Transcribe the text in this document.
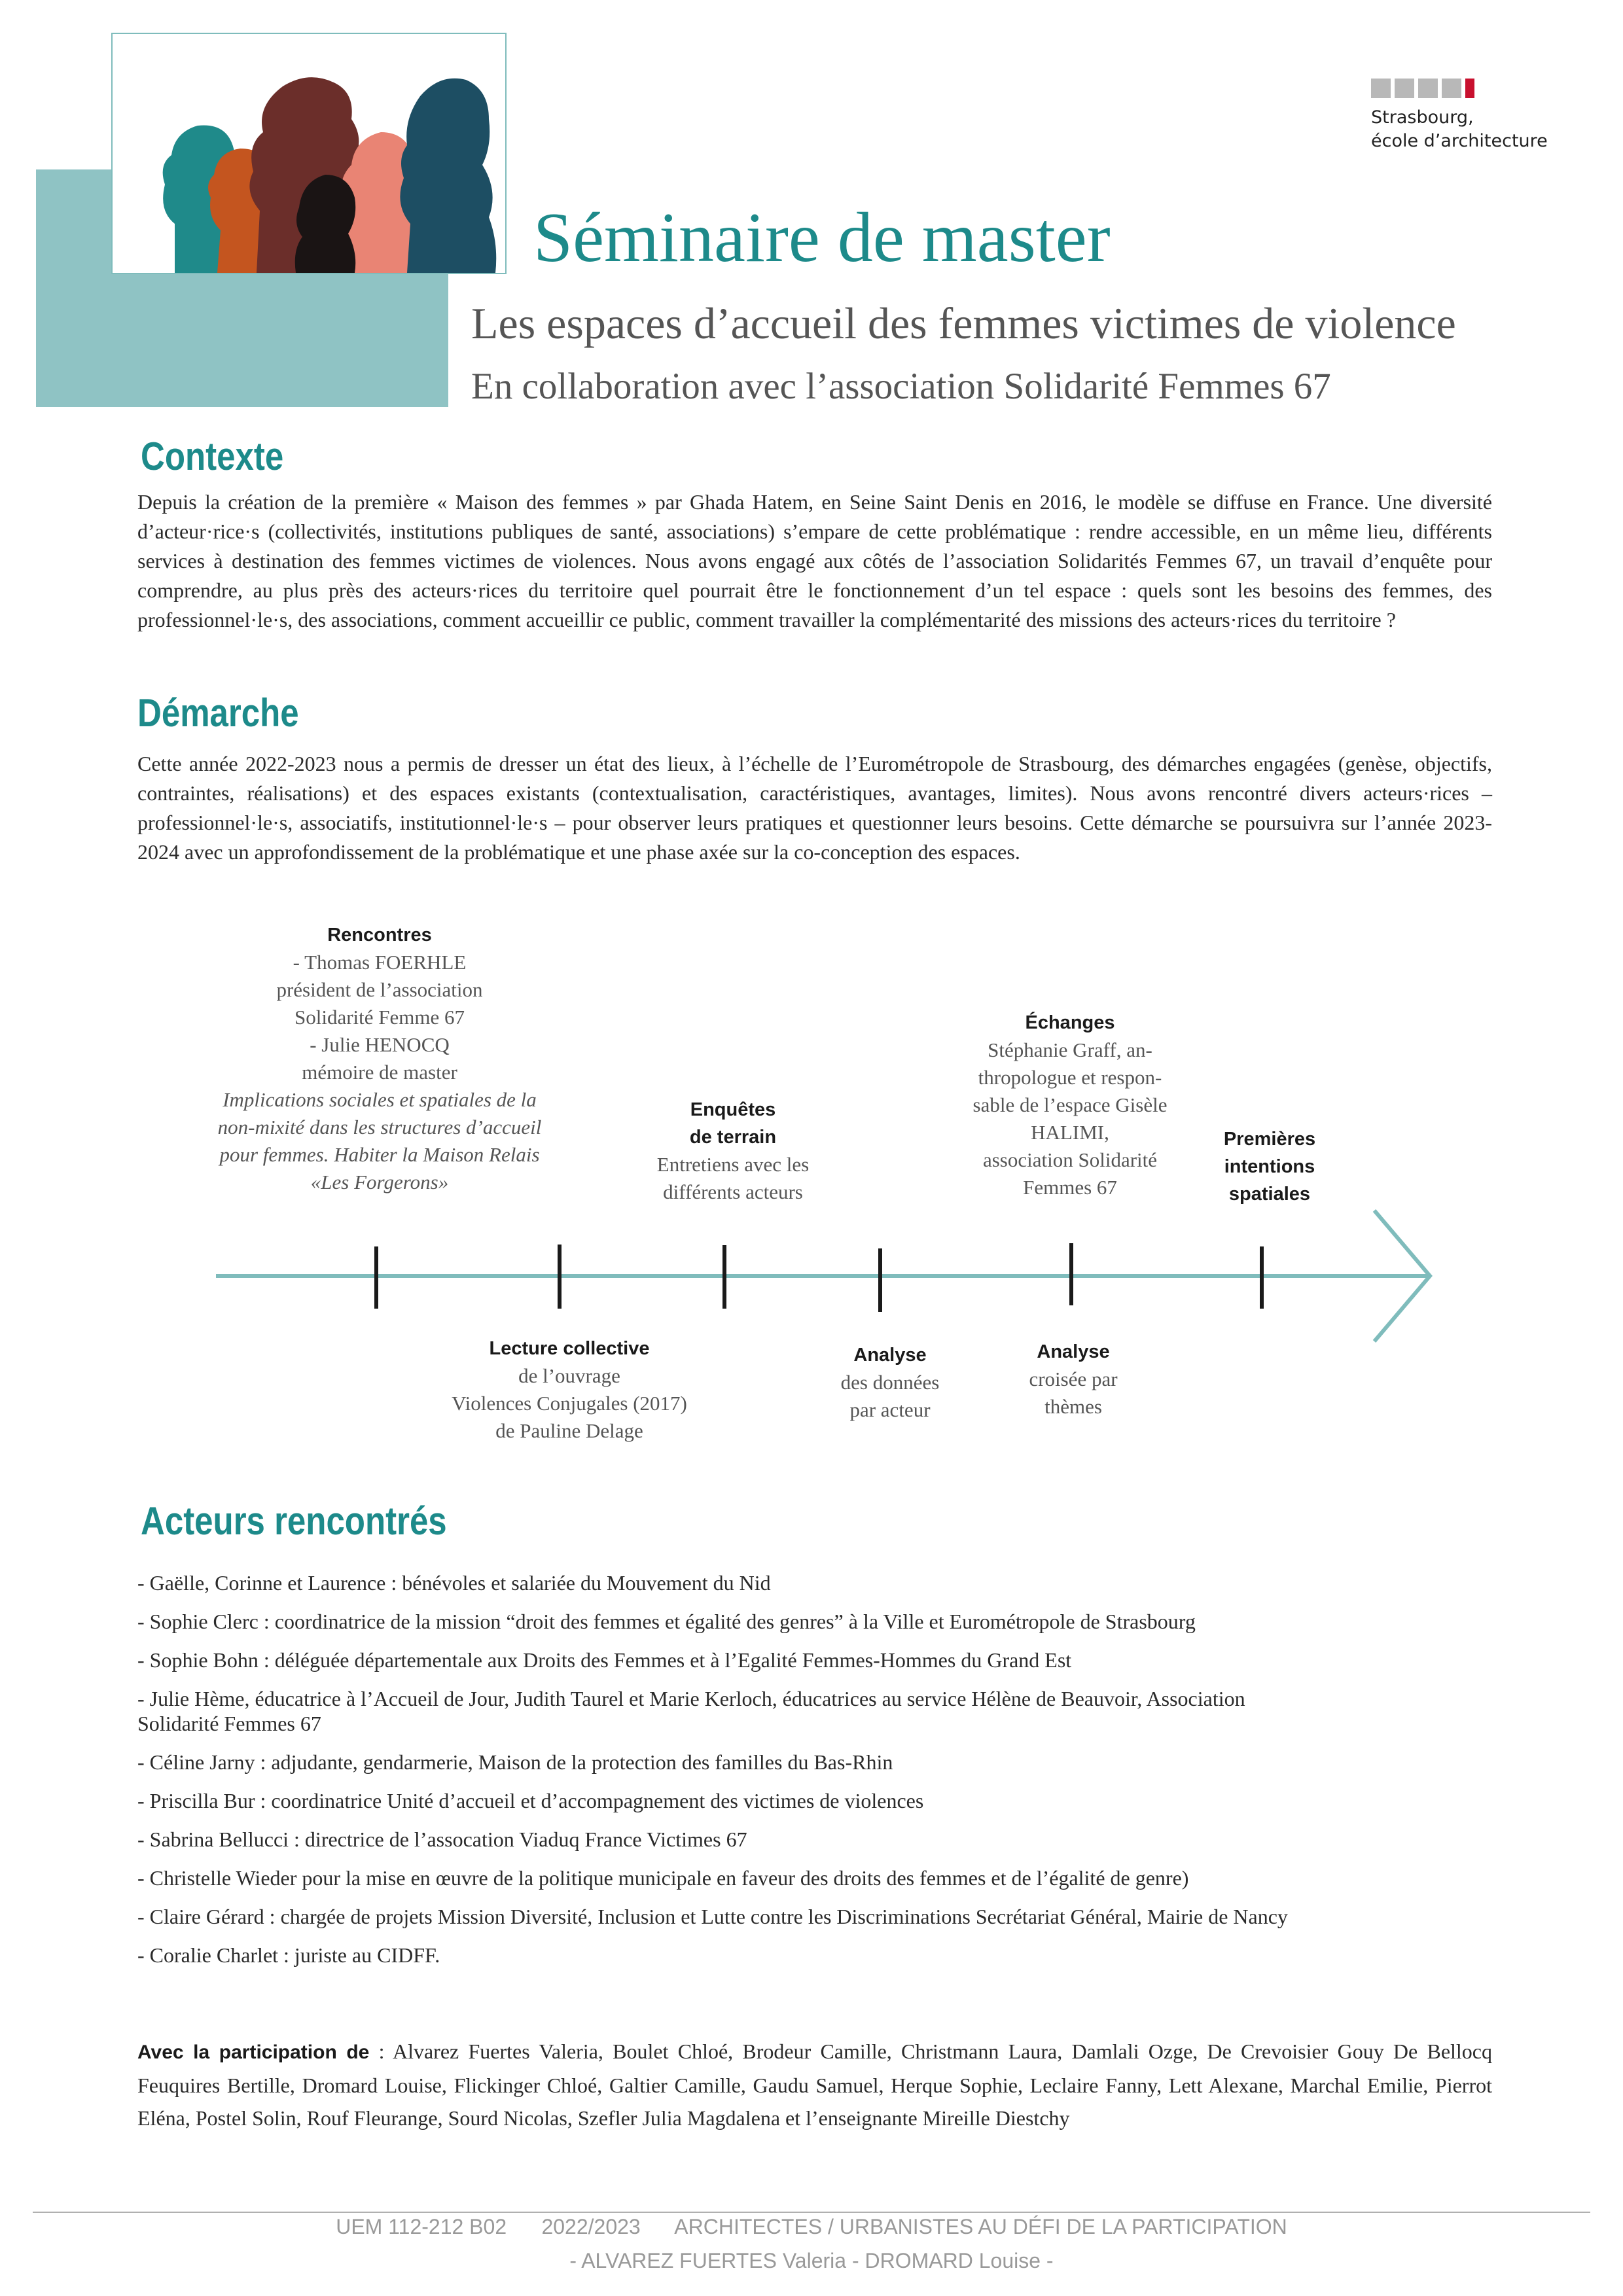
Strasbourg,
école d’architecture
Séminaire de master
Les espaces d’accueil des femmes victimes de violence
En collaboration avec l’association Solidarité Femmes 67
Contexte
Depuis la création de la première « Maison des femmes » par Ghada Hatem, en Seine Saint Denis en 2016, le modèle se diffuse en France. Une diversité d’acteur·rice·s (collectivités, institutions publiques de santé, associations) s’empare de cette problématique : rendre accessible, en un même lieu, différents services à destination des femmes victimes de violences. Nous avons engagé aux côtés de l’association Solidarités Femmes 67, un travail d’enquête pour comprendre, au plus près des acteurs·rices du territoire quel pourrait être le fonctionnement d’un tel espace : quels sont les besoins des femmes, des professionnel·le·s, des associations, comment accueillir ce public, comment travailler la complémentarité des missions des acteurs·rices du territoire ?
Démarche
Cette année 2022-2023 nous a permis de dresser un état des lieux, à l’échelle de l’Eurométropole de Strasbourg, des démarches engagées (genèse, objectifs, contraintes, réalisations) et des espaces existants (contextualisation, caractéristiques, avantages, limites). Nous avons rencontré divers acteurs·rices – professionnel·le·s, associatifs, institutionnel·le·s – pour observer leurs pratiques et questionner leurs besoins. Cette démarche se poursuivra sur l’année 2023-2024 avec un approfondissement de la problématique et une phase axée sur la co-conception des espaces.
Rencontres
- Thomas FOERHLE
président de l’association
Solidarité Femme 67
- Julie HENOCQ
mémoire de master
Implications sociales et spatiales de la
non-mixité dans les structures d’accueil
pour femmes. Habiter la Maison Relais
«Les Forgerons»
Enquêtes
de terrain
Entretiens avec les
différents acteurs
Échanges
Stéphanie Graff, an-
thropologue et respon-
sable de l’espace Gisèle
HALIMI,
association Solidarité
Femmes 67
Premières
intentions
spatiales
Lecture collective
de l’ouvrage
Violences Conjugales (2017)
de Pauline Delage
Analyse
des données
par acteur
Analyse
croisée par
thèmes
Acteurs rencontrés
- Gaëlle, Corinne et Laurence : bénévoles et salariée du Mouvement du Nid
- Sophie Clerc : coordinatrice de la mission “droit des femmes et égalité des genres” à la Ville et Eurométropole de Strasbourg
- Sophie Bohn : déléguée départementale aux Droits des Femmes et à l’Egalité Femmes-Hommes du Grand Est
- Julie Hème, éducatrice à l’Accueil de Jour, Judith Taurel et Marie Kerloch, éducatrices au service Hélène de Beauvoir, Association
Solidarité Femmes 67
- Céline Jarny : adjudante, gendarmerie, Maison de la protection des familles du Bas-Rhin
- Priscilla Bur : coordinatrice Unité d’accueil et d’accompagnement des victimes de violences
- Sabrina Bellucci : directrice de l’assocation Viaduq France Victimes 67
- Christelle Wieder pour la mise en œuvre de la politique municipale en faveur des droits des femmes et de l’égalité de genre)
- Claire Gérard : chargée de projets Mission Diversité, Inclusion et Lutte contre les Discriminations Secrétariat Général, Mairie de Nancy
- Coralie Charlet : juriste au CIDFF.
Avec la participation de : Alvarez Fuertes Valeria, Boulet Chloé, Brodeur Camille, Christmann Laura, Damlali Ozge, De Crevoisier Gouy De Bellocq Feuquires Bertille, Dromard Louise, Flickinger Chloé, Galtier Camille, Gaudu Samuel, Herque Sophie, Leclaire Fanny, Lett Alexane, Marchal Emilie, Pierrot Eléna, Postel Solin, Rouf Fleurange, Sourd Nicolas, Szefler Julia Magdalena et l’enseignante Mireille Diestchy
UEM 112-212 B02      2022/2023      ARCHITECTES / URBANISTES AU DÉFI DE LA PARTICIPATION
- ALVAREZ FUERTES Valeria - DROMARD Louise -
